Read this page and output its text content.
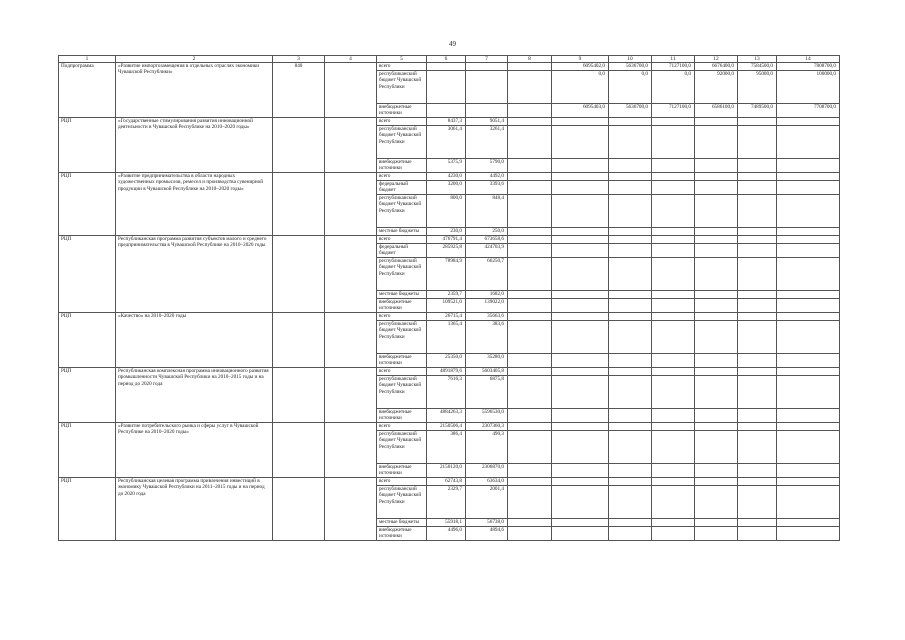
49
1	2	3	4	5	6	7	8	9	10	11	12	13	14
Подпрограмма	«Развитие импортозамещения в отдельных отраслях экономики Чувашской Республики»	840		всего				6095402,0	5636700,0	7127100,0	6676400,0	7584500,0	7808700,0
				республиканский бюджет Чувашской Республики				0,0	0,0	0,0	92000,0	95000,0	100000,0
				внебюджетные источники				6095403,0	5636700,0	7127100,0	6586100,0	7489500,0	7708700,0
РЦП	«Государственные стимулирования развития инновационной деятельности в Чувашской Республике на 2010–2020 годы»			всего	8437,3	9051,4							
				республиканский бюджет Чувашской Республики	3061,4	3261,4							
				внебюджетные источники	5375,9	5790,0							
РЦП	«Развитие предпринимательства в области народных художественных промыслов, ремесел и производства сувенирной продукции в Чувашской Республике на 2010–2020 годы»			всего	4230,0	4492,0							
				федеральный бюджет	3200,0	3393,6							
				республиканский бюджет Чувашской Республики	800,0	848,4							
				местные бюджеты	230,0	250,0							
РЦП	Республиканская программа развития субъектов малого и среднего предпринимательства в Чувашской Республике на 2010–2020 годы			всего	476791,4	673658,6							
				федеральный бюджет	285925,8	424703,9							
				республиканский бюджет Чувашской Республики	78984,9	66250,7							
				местные бюджеты	2359,7	1682,0							
				внебюджетные источники	109521,0	139022,0							
РЦП	«Качество» на 2010–2020 годы			всего	26715,4	35663,6							
				республиканский бюджет Чувашской Республики	1365,4	383,6							
				внебюджетные источники	25350,0	35280,0							
РЦП	Республиканская комплексная программа инновационного развития промышленности Чувашской Республики на 2010–2015 годы и на период до 2020 года			всего	4891879,6	5603405,8							
				республиканский бюджет Чувашской Республики	7616,3	6875,8							
				внебюджетные источники	4884263,3	5596530,0							
РЦП	«Развитие потребительского рынка и сферы услуг в Чувашской Республике на 2010–2020 годы»			всего	2150506,4	2307360,3							
				республиканский бюджет Чувашской Республики	386,4	490,3							
				внебюджетные источники	2150120,0	2306870,0							
РЦП	Республиканская целевая программа привлечения инвестиций в экономику Чувашской Республики на 2011–2015 годы и на период до 2020 года			всего	62743,8	63634,0							
				республиканский бюджет Чувашской Республики	2329,7	2001,4							
				местные бюджеты	55918,1	56738,0							
				внебюджетные источники	4496,0	4894,6							
